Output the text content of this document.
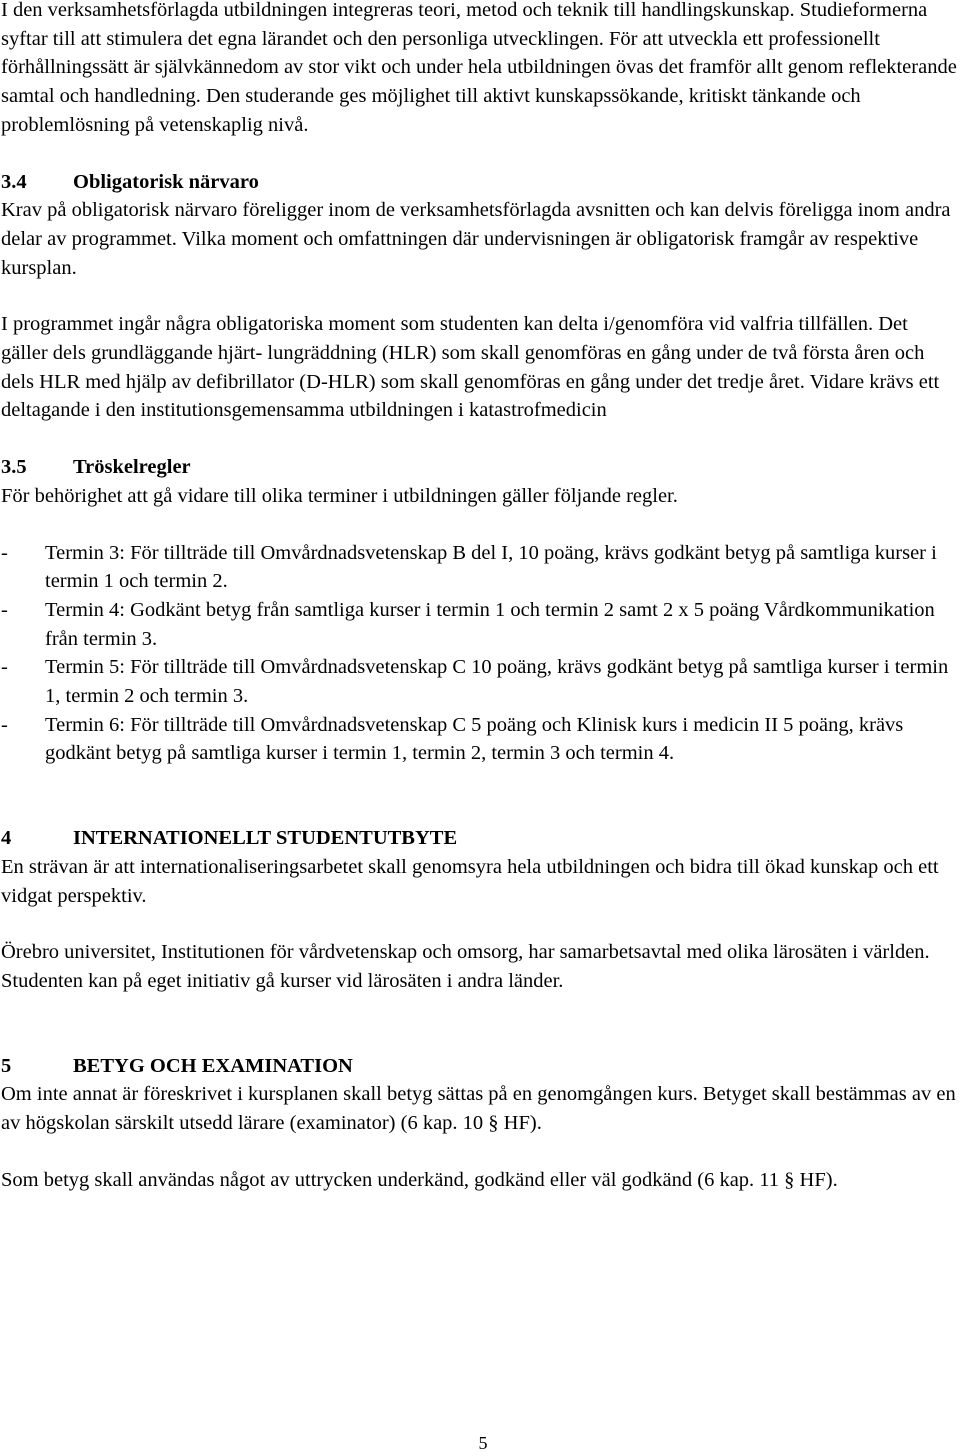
I den verksamhetsförlagda utbildningen integreras teori, metod och teknik till handlingskunskap. Studieformerna syftar till att stimulera det egna lärandet och den personliga utvecklingen. För att utveckla ett professionellt förhållningssätt är självkännedom av stor vikt och under hela utbildningen övas det framför allt genom reflekterande samtal och handledning. Den studerande ges möjlighet till aktivt kunskapssökande, kritiskt tänkande och problemlösning på vetenskaplig nivå.

3.4	Obligatorisk närvaro

Krav på obligatorisk närvaro föreligger inom de verksamhetsförlagda avsnitten och kan delvis föreligga inom andra delar av programmet. Vilka moment och omfattningen där undervisningen är obligatorisk framgår av respektive kursplan.

I programmet ingår några obligatoriska moment som studenten kan delta i/genomföra vid valfria tillfällen. Det gäller dels grundläggande hjärt- lungräddning (HLR) som skall genomföras en gång under de två första åren och dels HLR med hjälp av defibrillator (D-HLR) som skall genomföras en gång under det tredje året. Vidare krävs ett deltagande i den institutionsgemensamma utbildningen i katastrofmedicin

3.5	Tröskelregler

För behörighet att gå vidare till olika terminer i utbildningen gäller följande regler.

- Termin 3: För tillträde till Omvårdnadsvetenskap B del I, 10 poäng, krävs godkänt betyg på samtliga kurser i termin 1 och termin 2.
- Termin 4: Godkänt betyg från samtliga kurser i termin 1 och termin 2 samt 2 x 5 poäng Vårdkommunikation från termin 3.
- Termin 5: För tillträde till Omvårdnadsvetenskap C 10 poäng, krävs godkänt betyg på samtliga kurser i termin 1, termin 2 och termin 3.
- Termin 6: För tillträde till Omvårdnadsvetenskap C 5 poäng och Klinisk kurs i medicin II 5 poäng, krävs godkänt betyg på samtliga kurser i termin 1, termin 2, termin 3 och termin 4.
4	INTERNATIONELLT STUDENTUTBYTE

En strävan är att internationaliseringsarbetet skall genomsyra hela utbildningen och bidra till ökad kunskap och ett vidgat perspektiv.

Örebro universitet, Institutionen för vårdvetenskap och omsorg, har samarbetsavtal med olika lärosäten i världen. Studenten kan på eget initiativ gå kurser vid lärosäten i andra länder.

5	BETYG OCH EXAMINATION

Om inte annat är föreskrivet i kursplanen skall betyg sättas på en genomgången kurs. Betyget skall bestämmas av en av högskolan särskilt utsedd lärare (examinator) (6 kap. 10 § HF).

Som betyg skall användas något av uttrycken underkänd, godkänd eller väl godkänd (6 kap. 11 § HF).

5
